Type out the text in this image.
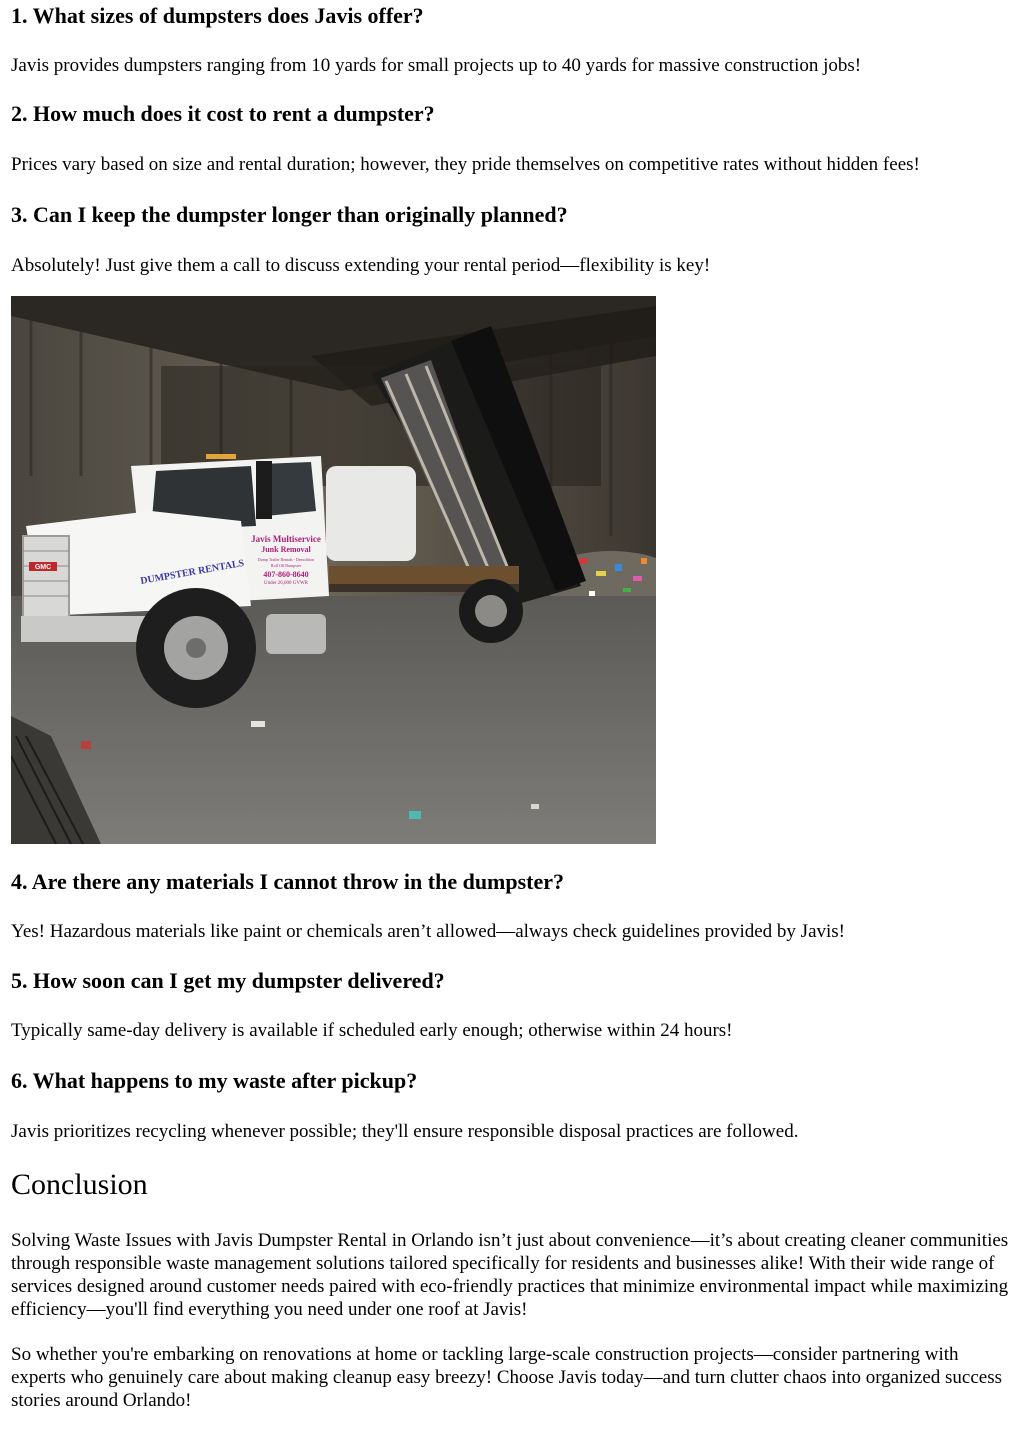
1. What sizes of dumpsters does Javis offer?

Javis provides dumpsters ranging from 10 yards for small projects up to 40 yards for massive construction jobs!

2. How much does it cost to rent a dumpster?

Prices vary based on size and rental duration; however, they pride themselves on competitive rates without hidden fees!

3. Can I keep the dumpster longer than originally planned?

Absolutely! Just give them a call to discuss extending your rental period—flexibility is key!

GMC	DUMPSTER RENTALS
Javis Multiservice
Junk Removal
Dump Trailer Rentals - Demolition
Roll Off Dumpster
407-860-8640
Under 26,000 GVWR
4. Are there any materials I cannot throw in the dumpster?

Yes! Hazardous materials like paint or chemicals aren’t allowed—always check guidelines provided by Javis!

5. How soon can I get my dumpster delivered?

Typically same-day delivery is available if scheduled early enough; otherwise within 24 hours!

6. What happens to my waste after pickup?

Javis prioritizes recycling whenever possible; they'll ensure responsible disposal practices are followed.

Conclusion

Solving Waste Issues with Javis Dumpster Rental in Orlando isn’t just about convenience—it’s about creating cleaner communities through responsible waste management solutions tailored specifically for residents and businesses alike! With their wide range of services designed around customer needs paired with eco-friendly practices that minimize environmental impact while maximizing efficiency—you'll find everything you need under one roof at Javis!

So whether you're embarking on renovations at home or tackling large-scale construction projects—consider partnering with experts who genuinely care about making cleanup easy breezy! Choose Javis today—and turn clutter chaos into organized success stories around Orlando!
